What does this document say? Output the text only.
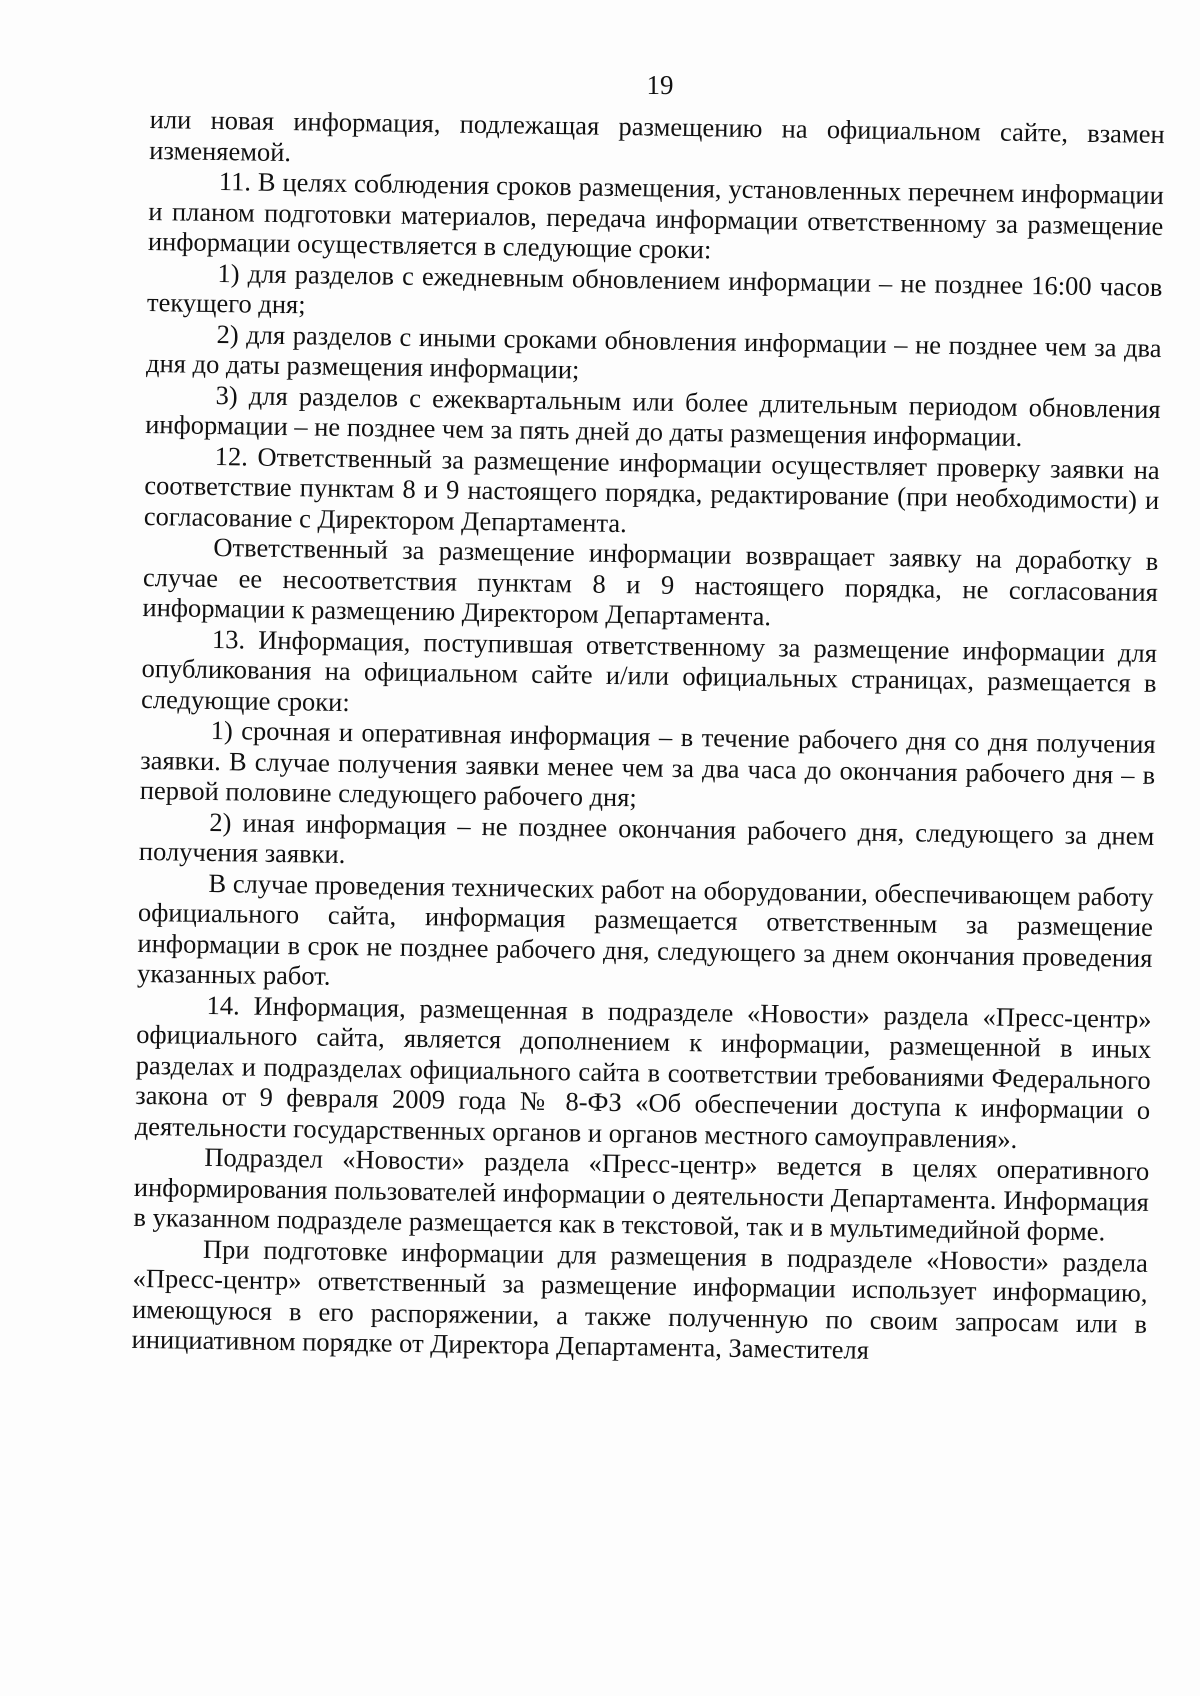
19

или новая информация, подлежащая размещению на официальном сайте, взамен изменяемой.

11. В целях соблюдения сроков размещения, установленных перечнем информации и планом подготовки материалов, передача информации ответственному за размещение информации осуществляется в следующие сроки:

1) для разделов с ежедневным обновлением информации – не позднее 16:00 часов текущего дня;

2) для разделов с иными сроками обновления информации – не позднее чем за два дня до даты размещения информации;

3) для разделов с ежеквартальным или более длительным периодом обновления информации – не позднее чем за пять дней до даты размещения информации.

12. Ответственный за размещение информации осуществляет проверку заявки на соответствие пунктам 8 и 9 настоящего порядка, редактирование (при необходимости) и согласование с Директором Департамента.

Ответственный за размещение информации возвращает заявку на доработку в случае ее несоответствия пунктам 8 и 9 настоящего порядка, не согласования информации к размещению Директором Департамента.

13. Информация, поступившая ответственному за размещение информации для опубликования на официальном сайте и/или официальных страницах, размещается в следующие сроки:

1) срочная и оперативная информация – в течение рабочего дня со дня получения заявки. В случае получения заявки менее чем за два часа до окончания рабочего дня – в первой половине следующего рабочего дня;

2) иная информация – не позднее окончания рабочего дня, следующего за днем получения заявки.

В случае проведения технических работ на оборудовании, обеспечивающем работу официального сайта, информация размещается ответственным за размещение информации в срок не позднее рабочего дня, следующего за днем окончания проведения указанных работ.

14. Информация, размещенная в подразделе «Новости» раздела «Пресс-центр» официального сайта, является дополнением к информации, размещенной в иных разделах и подразделах официального сайта в соответствии требованиями Федерального закона от 9 февраля 2009 года № 8-ФЗ «Об обеспечении доступа к информации о деятельности государственных органов и органов местного самоуправления».

Подраздел «Новости» раздела «Пресс-центр» ведется в целях оперативного информирования пользователей информации о деятельности Департамента. Информация в указанном подразделе размещается как в текстовой, так и в мультимедийной форме.

При подготовке информации для размещения в подразделе «Новости» раздела «Пресс-центр» ответственный за размещение информации использует информацию, имеющуюся в его распоряжении, а также полученную по своим запросам или в инициативном порядке от Директора Департамента, Заместителя
